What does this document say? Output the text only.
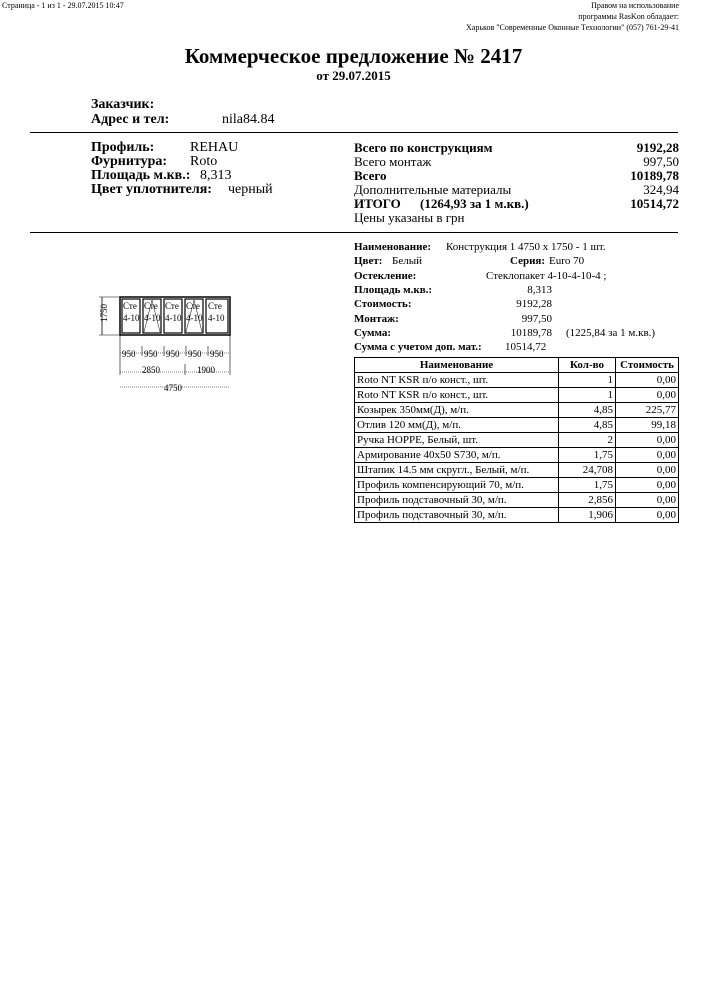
Страница - 1 из 1 - 29.07.2015 10:47	Правом на использование
программы RasKon обладает:
Харьков "Современные Оконные Технологии" (057) 761-29-41
Коммерческое предложение № 2417
от 29.07.2015
Заказчик:
Адрес и тел:	nila84.84
Профиль:	REHAU
Фурнитура: Roto
Площадь м.кв.: 8,313
Цвет уплотнителя: черный
Всего по конструкциям	9192,28
Всего монтаж	997,50
Всего	10189,78
Дополнительные материалы	324,94
ИТОГО (1264,93 за 1 м.кв.)	10514,72
Цены указаны в грн
Наименование: Конструкция 1 4750 х 1750 - 1 шт.
Цвет: Белый	Серия: Euro 70
Остекление:	Стеклопакет 4-10-4-10-4 ;
Площадь м.кв.:	8,313
Стоимость:	9192,28
Монтаж:	997,50
Сумма:	10189,78 (1225,84 за 1 м.кв.)
Сумма с учетом доп. мат.: 10514,72
1750 Сте
4-10
Сте
4-10
Сте
4-10
Сте
4-10
Сте
4-10
950 950 950 950 950
2850	1900
4750
Наименование	Кол-во	Стоимость
Roto NT KSR п/о конст., шт.	1	0,00
Roto NT KSR п/о конст., шт.	1	0,00
Козырек 350мм(Д), м/п.	4,85	225,77
Отлив 120 мм(Д), м/п.	4,85	99,18
Ручка HOPPE, Белый, шт.	2	0,00
Армирование 40х50 S730, м/п.	1,75	0,00
Штапик 14.5 мм скругл., Белый, м/п.	24,708	0,00
Профиль компенсирующий 70, м/п.	1,75	0,00
Профиль подставочный 30, м/п.	2,856	0,00
Профиль подставочный 30, м/п.	1,906	0,00
